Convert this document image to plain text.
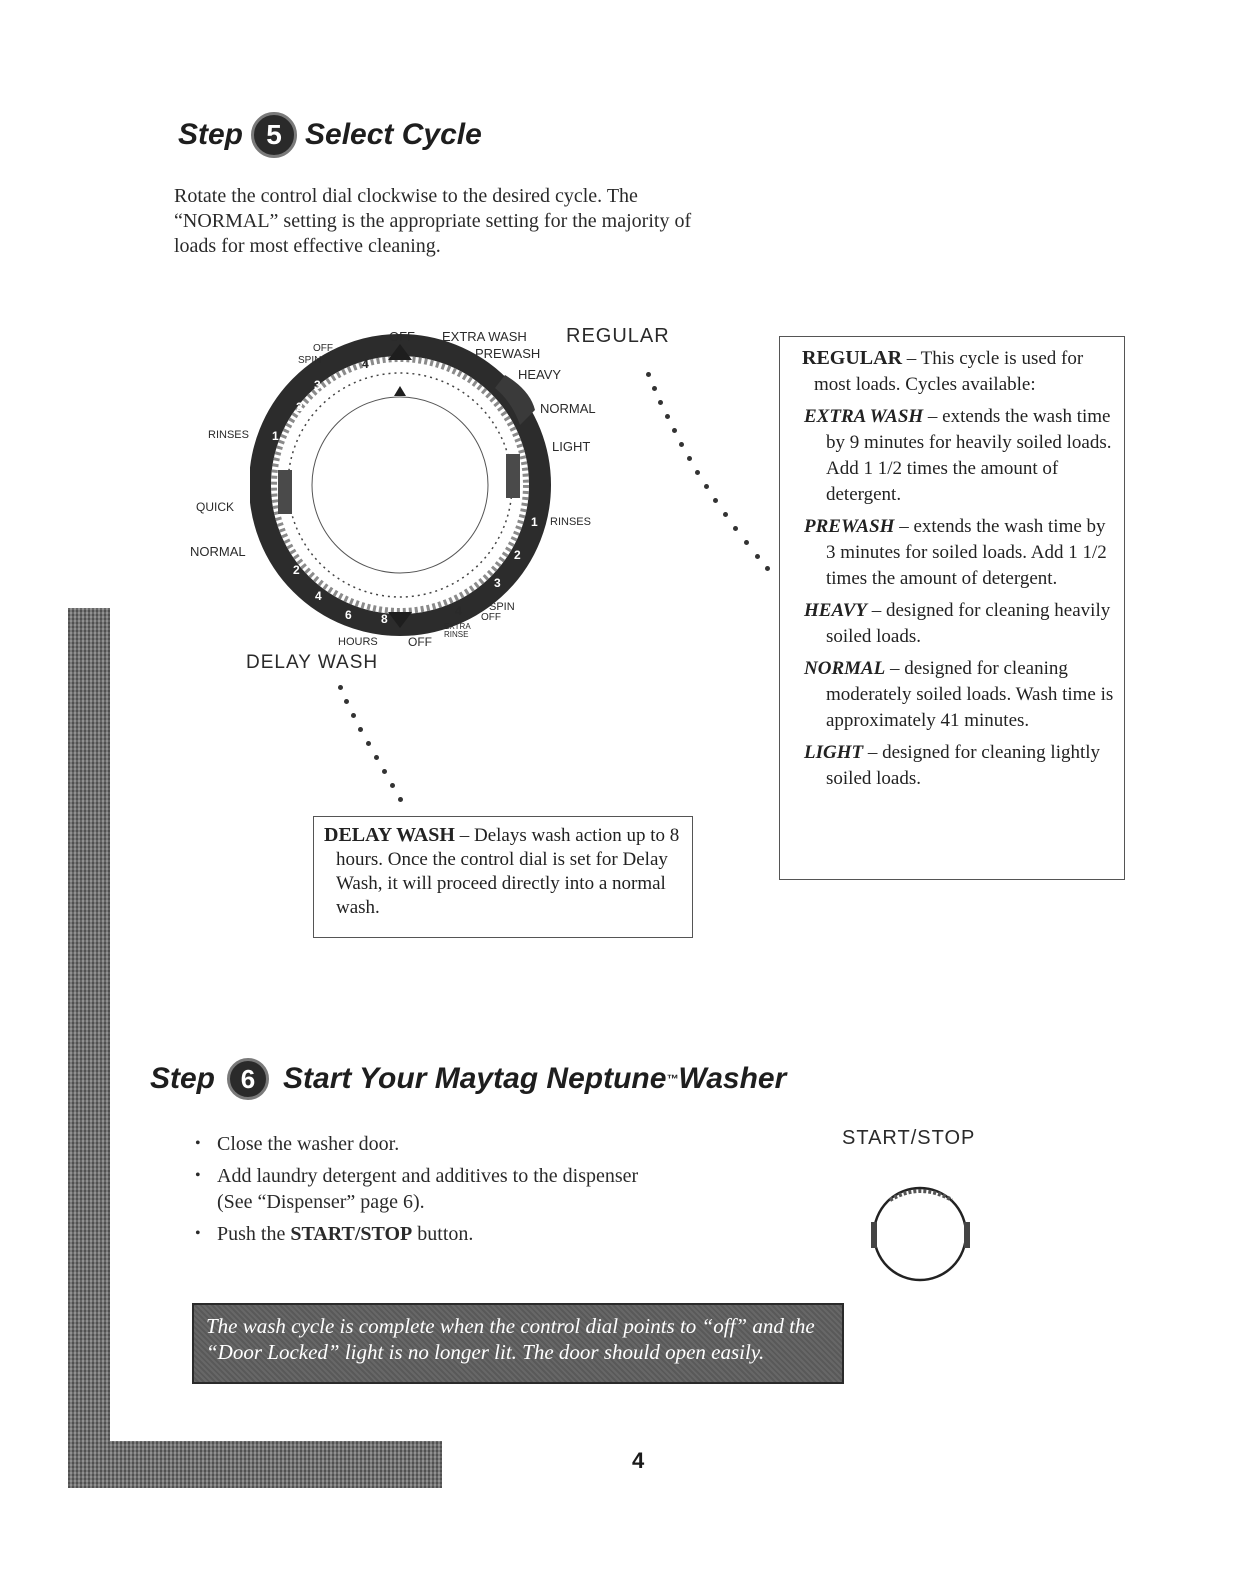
Step 5 Select Cycle

Rotate the control dial clockwise to the desired cycle. The “NORMAL” setting is the appropriate setting for the majority of loads for most effective cleaning.

REGULAR
OFF EXTRA WASH
PREWASH
HEAVY
NORMAL
LIGHT
RINSES
SPIN
OFF
EXTRA RINSE
OFF
HOURS
NORMAL
QUICK
RINSES
SPIN
OFF
4
3
2
1
1
2
3
4
2
4
6 8
DELAY WASH

REGULAR – This cycle is used for most loads. Cycles available:

EXTRA WASH – extends the wash time by 9 minutes for heavily soiled loads. Add 1 1/2 times the amount of detergent.

PREWASH – extends the wash time by 3 minutes for soiled loads. Add 1 1/2 times the amount of detergent.

HEAVY – designed for cleaning heavily soiled loads.

NORMAL – designed for cleaning moderately soiled loads. Wash time is approximately 41 minutes.

LIGHT – designed for cleaning lightly soiled loads.

DELAY WASH – Delays wash action up to 8 hours. Once the control dial is set for Delay Wash, it will proceed directly into a normal wash.

Step 6 Start Your Maytag Neptune ™ Washer
• Close the washer door.
• Add laundry detergent and additives to the dispenser (See “Dispenser” page 6).
• Push the START/STOP button.
START/STOP
The wash cycle is complete when the control dial points to “off” and the “Door Locked” light is no longer lit. The door should open easily.
4
